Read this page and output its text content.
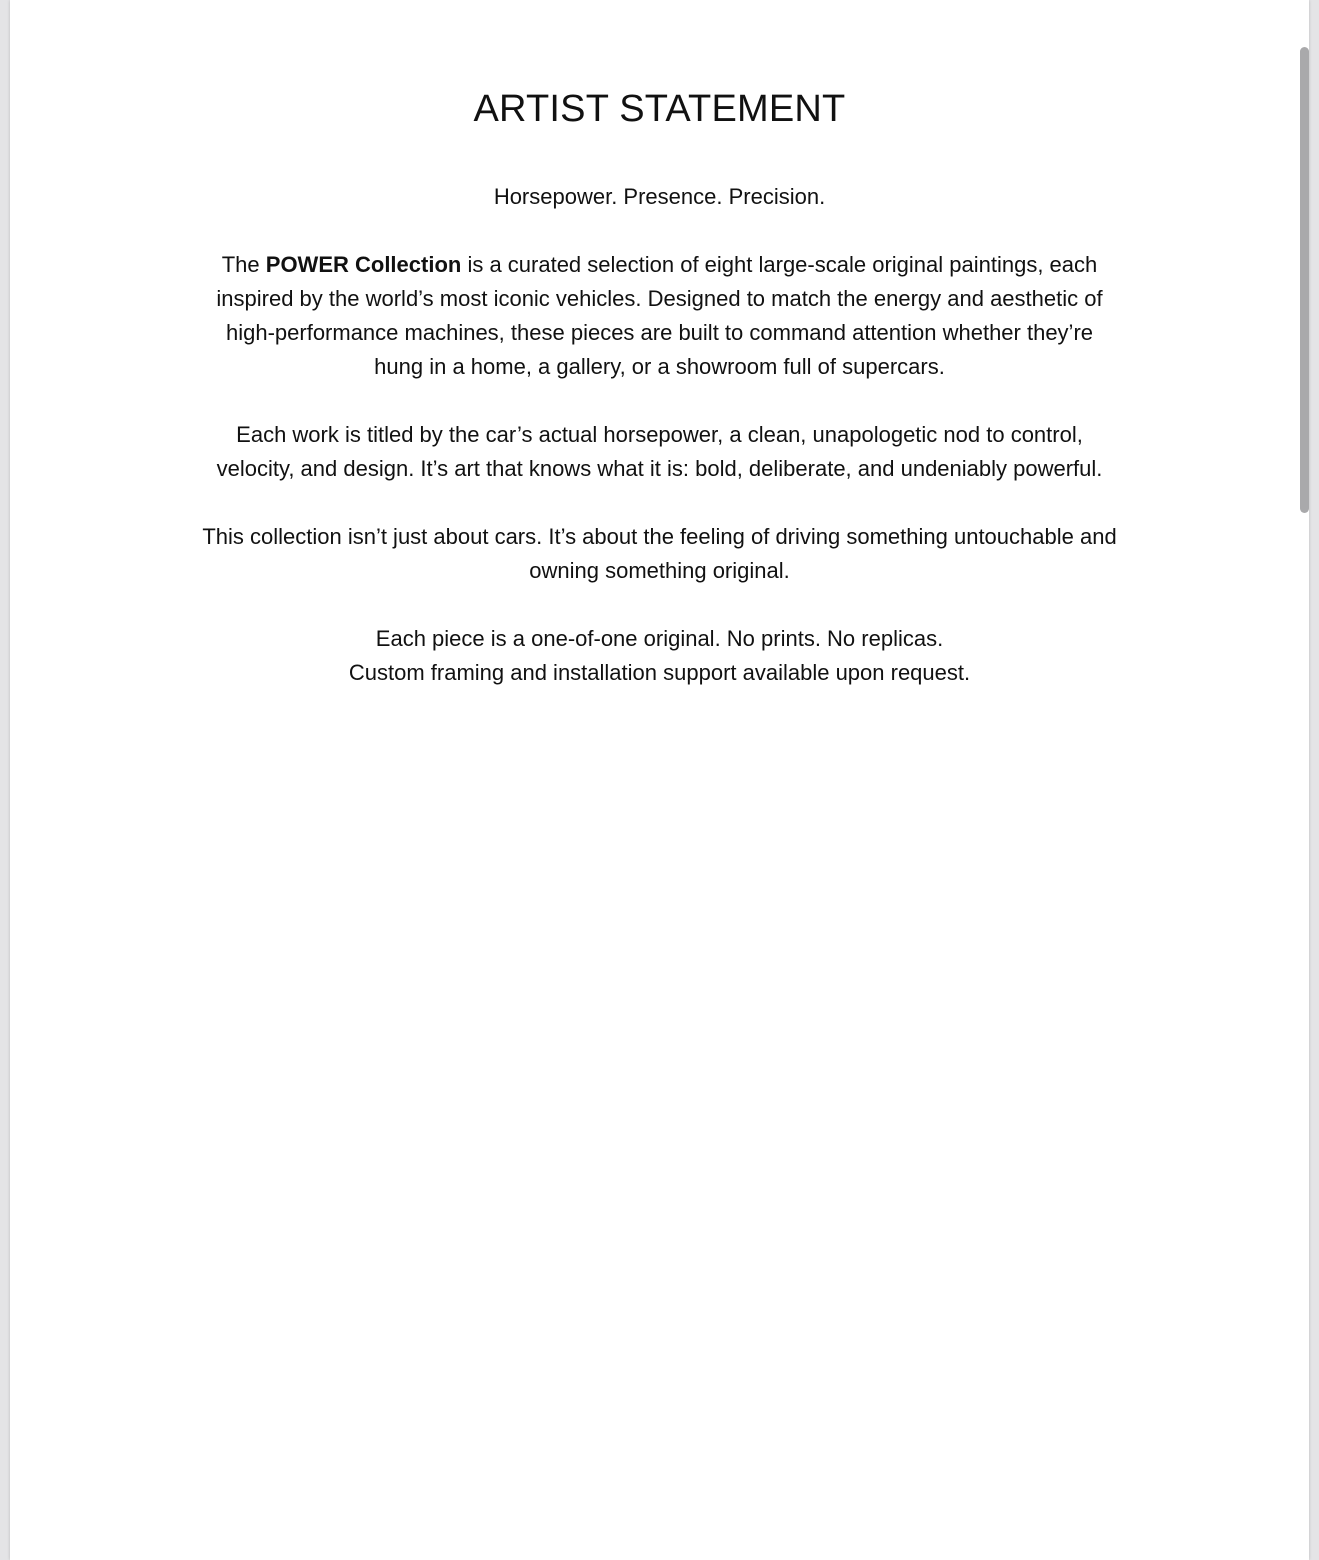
ARTIST STATEMENT

Horsepower. Presence. Precision.

The POWER Collection is a curated selection of eight large-scale original paintings, each
inspired by the world’s most iconic vehicles. Designed to match the energy and aesthetic of
high-performance machines, these pieces are built to command attention whether they’re
hung in a home, a gallery, or a showroom full of supercars.

Each work is titled by the car’s actual horsepower, a clean, unapologetic nod to control,
velocity, and design. It’s art that knows what it is: bold, deliberate, and undeniably powerful.

This collection isn’t just about cars. It’s about the feeling of driving something untouchable and
owning something original.

Each piece is a one-of-one original. No prints. No replicas.
Custom framing and installation support available upon request.
